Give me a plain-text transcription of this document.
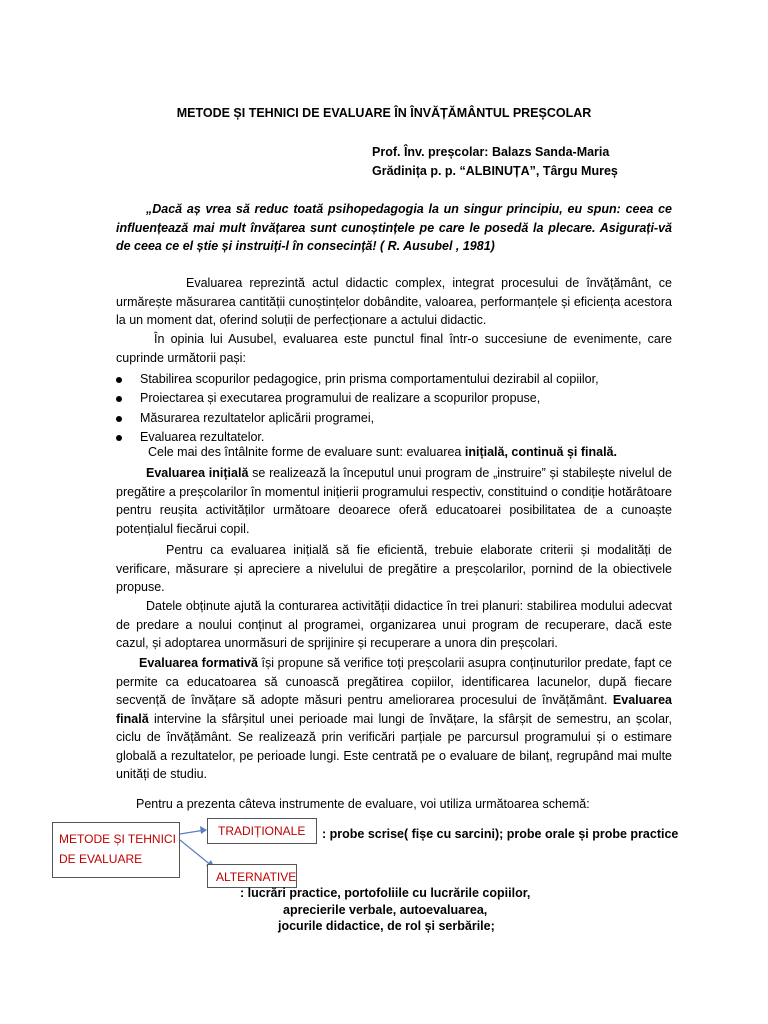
METODE ȘI TEHNICI DE EVALUARE ÎN ÎNVĂȚĂMÂNTUL PREȘCOLAR
Prof. Înv. preșcolar: Balazs Sanda-Maria
Grădinița p. p. “ALBINUȚA”, Târgu Mureș

„Dacă aș vrea să reduc toată psihopedagogia la un singur principiu, eu spun: ceea ce influențează mai mult învățarea sunt cunoștințele pe care le posedă la plecare. Asigurați-vă de ceea ce el știe și instruiți-l în consecință! ( R. Ausubel , 1981)

Evaluarea reprezintă actul didactic complex, integrat procesului de învățământ, ce urmărește măsurarea cantității cunoștințelor dobândite, valoarea, performanțele și eficiența acestora la un moment dat, oferind soluții de perfecționare a actului didactic.

În opinia lui Ausubel, evaluarea este punctul final într-o succesiune de evenimente, care cuprinde următorii pași:

Stabilirea scopurilor pedagogice, prin prisma comportamentului dezirabil al copiilor,
Proiectarea și executarea programului de realizare a scopurilor propuse,
Măsurarea rezultatelor aplicării programei,
Evaluarea rezultatelor.
Cele mai des întâlnite forme de evaluare sunt: evaluarea inițială, continuă și finală.

Evaluarea inițială se realizează la începutul unui program de „instruire” și stabilește nivelul de pregătire a preșcolarilor în momentul inițierii programului respectiv, constituind o condiție hotărâtoare pentru reușita activităților următoare deoarece oferă educatoarei posibilitatea de a cunoaște potențialul fiecărui copil.

Pentru ca evaluarea inițială să fie eficientă, trebuie elaborate criterii și modalități de verificare, măsurare și apreciere a nivelului de pregătire a preșcolarilor, pornind de la obiectivele propuse.

Datele obținute ajută la conturarea activității didactice în trei planuri: stabilirea modului adecvat de predare a noului conținut al programei, organizarea unui program de recuperare, dacă este cazul, și adoptarea unormăsuri de sprijinire și recuperare a unora din preșcolari.

Evaluarea formativă își propune să verifice toți preșcolarii asupra conținuturilor predate, fapt ce permite ca educatoarea să cunoască pregătirea copiilor, identificarea lacunelor, după fiecare secvență de învățare să adopte măsuri pentru ameliorarea procesului de învățământ. Evaluarea finală intervine la sfârșitul unei perioade mai lungi de învățare, la sfârșit de semestru, an școlar, ciclu de învățământ. Se realizează prin verificări parțiale pe parcursul programului și o estimare globală a rezultatelor, pe perioade lungi. Este centrată pe o evaluare de bilanț, regrupând mai multe unități de studiu.

Pentru a prezenta câteva instrumente de evaluare, voi utiliza următoarea schemă:
METODE ȘI TEHNICI
DE EVALUARE
TRADIȚIONALE	: probe scrise( fișe cu sarcini); probe orale și probe practice
ALTERNATIVE
: lucrări practice, portofoliile cu lucrările copiilor,
aprecierile verbale, autoevaluarea,
jocurile didactice, de rol și serbările;
